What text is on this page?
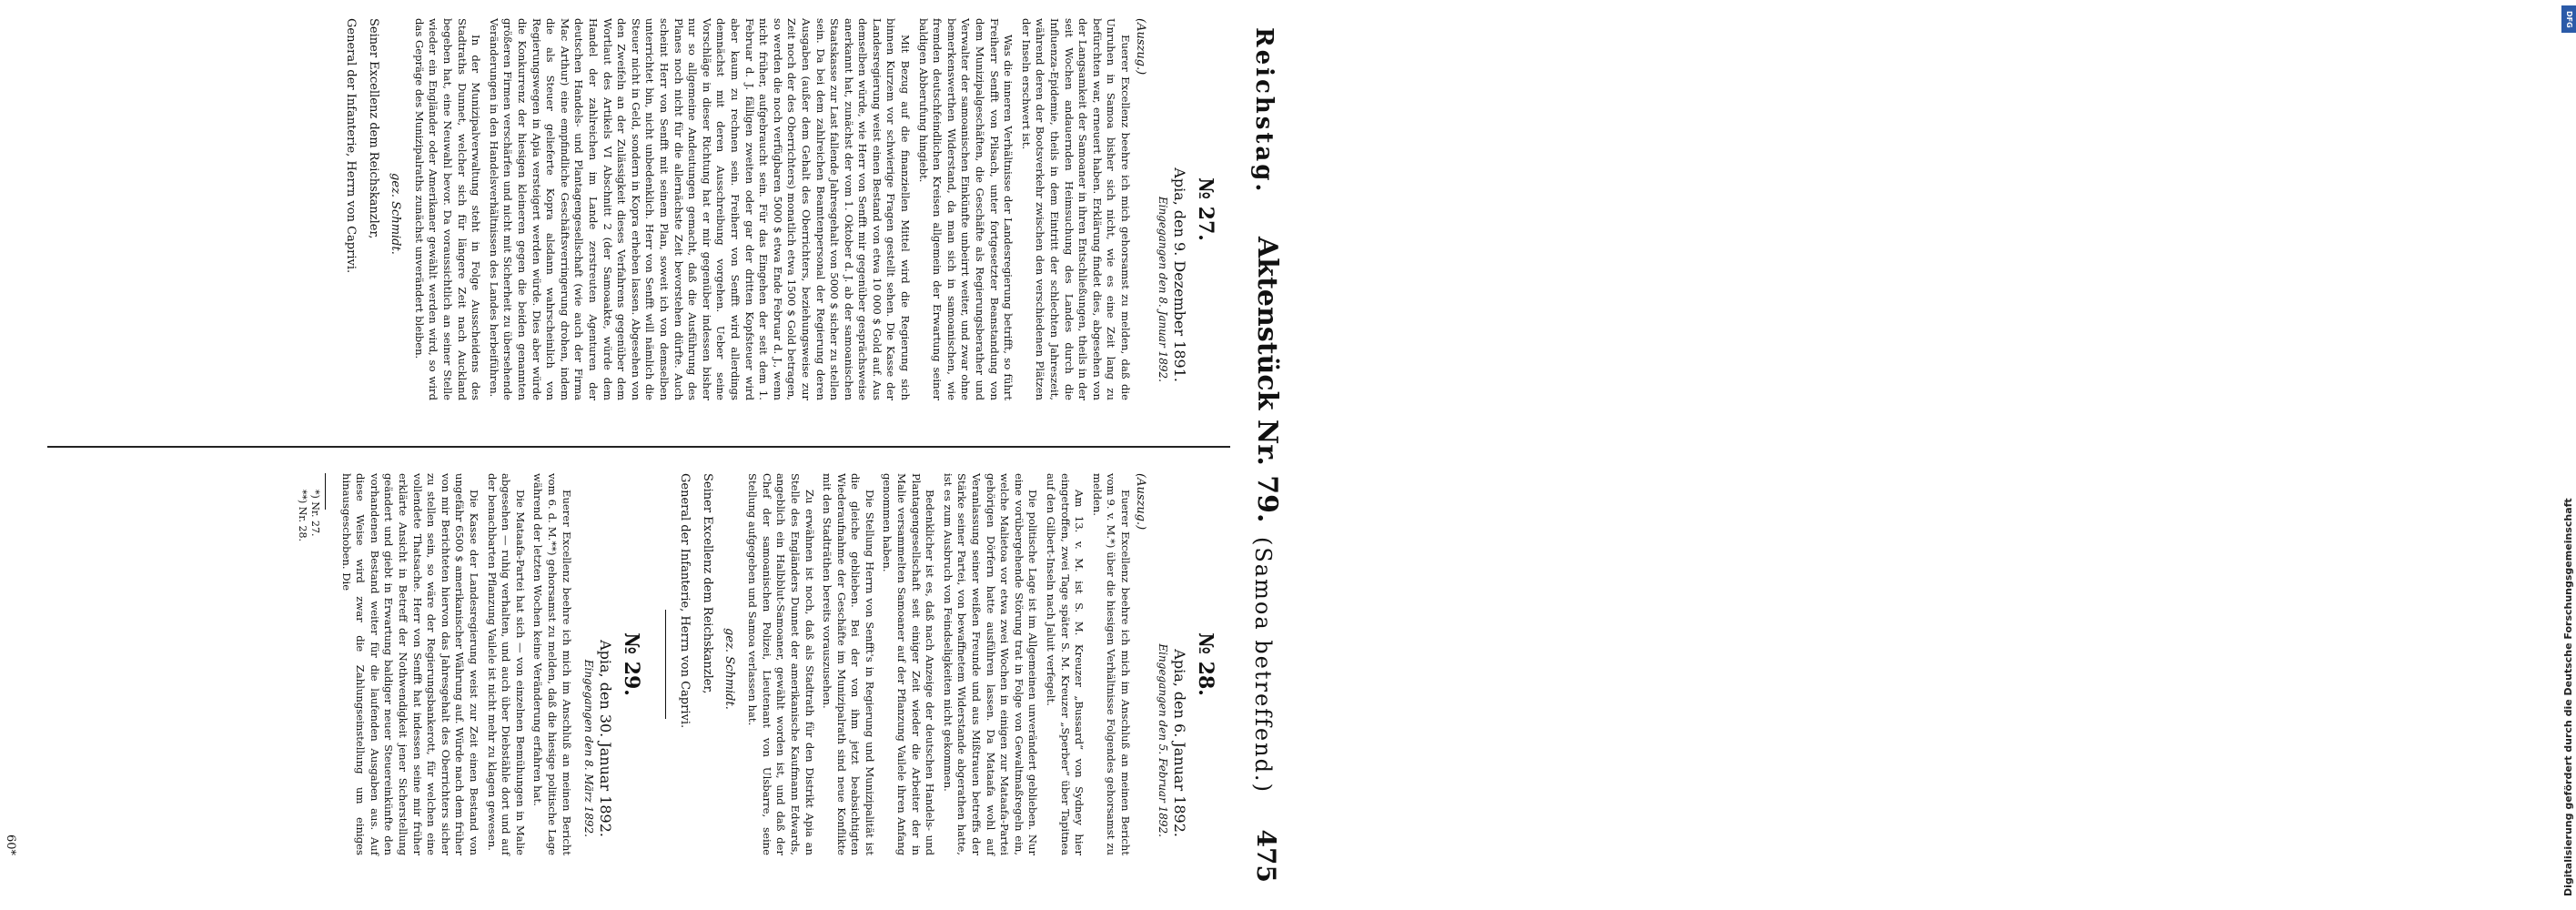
Reichstag.
Aktenstück Nr. 79.
(Samoa betreffend.)
475
№ 27.
Apia, den 9. Dezember 1891.
Eingegangen den 8. Januar 1892.
(Auszug.)

Euerer Excellenz beehre ich mich gehorsamst zu melden, daß die Unruhen in Samoa bisher sich nicht, wie es eine Zeit lang zu befürchten war, erneuert haben. Erklärung findet dies, abgesehen von der Langsamkeit der Samoaner in ihren Entschließungen, theils in der seit Wochen andauernden Heimsuchung des Landes durch die Influenza-Epidemie, theils in dem Eintritt der schlechten Jahreszeit, während deren der Bootsverkehr zwischen den verschiedenen Plätzen der Inseln erschwert ist.

Was die inneren Verhältnisse der Landesregierung betrifft, so führt Freiherr Senfft von Pilsach, unter fortgesetzter Beanstandung von dem Munizipalgeschäften, die Geschäfte als Regierungsberather und Verwalter der samoanischen Einkünfte unbeirrt weiter, und zwar ohne bemerkenswerthen Widerstand, da man sich in samoanischen, wie fremden deutschfeindlichen Kreisen allgemein der Erwartung seiner baldigen Abberufung hingiebt.

Mit Bezug auf die finanziellen Mittel wird die Regierung sich binnen Kurzem vor schwierige Fragen gestellt sehen. Die Kasse der Landesregierung weist einen Bestand von etwa 10 000 $ Gold auf. Aus demselben würde, wie Herr von Senfft mir gegenüber gesprächsweise anerkannt hat, zunächst der vom 1. Oktober d. J. ab der samoanischen Staatskasse zur Last fallende Jahresgehalt von 5000 $ sicher zu stellen sein. Da bei dem zahlreichen Beamtenpersonal der Regierung deren Ausgaben (außer dem Gehalt des Oberrichters, beziehungsweise zur Zeit noch der des Oberrichters) monatlich etwa 1500 $ Gold betragen, so werden die noch verfügbaren 5000 $ etwa Ende Februar d. J., wenn nicht früher, aufgebraucht sein. Für das Eingehen der seit dem 1. Februar d. J. fälligen zweiten oder gar der dritten Kopfsteuer wird aber kaum zu rechnen sein. Freiherr von Senfft wird allerdings demnächst mit deren Ausschreibung vorgehen. Ueber seine Vorschläge in dieser Richtung hat er mir gegenüber indessen bisher nur so allgemeine Andeutungen gemacht, daß die Ausführung des Planes noch nicht für die allernächste Zeit bevorstehen dürfte. Auch scheint Herr von Senfft mit seinem Plan, soweit ich von demselben unterrichtet bin, nicht unbedenklich. Herr von Senfft will nämlich die Steuer nicht in Geld, sondern in Kopra erheben lassen. Abgesehen von den Zweifeln an der Zulässigkeit dieses Verfahrens gegenüber dem Wortlaut des Artikels VI Abschnitt 2 (der Samoaakte, würde dem Handel der zahlreichen im Lande zerstreuten Agenturen der deutschen Handels- und Plantagengesellschaft (wie auch der Firma Mac Arthur) eine empfindliche Geschäftsverringerung drohen, indem die als Steuer gelieferte Kopra alsdann wahrscheinlich von Regierungswegen in Apia versteigert werden würde. Dies aber würde die Konkurrenz der hiesigen kleineren gegen die beiden genannten größeren Firmen verschärfen und nicht mit Sicherheit zu übersehende Veränderungen in den Handelsverhältnissen des Landes herbeiführen.

In der Munizipalverwaltung steht in Folge Ausscheidens des Stadtraths Dunnet, welcher sich für längere Zeit nach Auckland begeben hat, eine Neuwahl bevor. Da voraussichtlich an seiner Stelle wieder ein Engländer oder Amerikaner gewählt werden wird, so wird das Gepräge des Munizipalraths zunächst unverändert bleiben.

gez. Schmidt.
Seiner Excellenz dem Reichskanzler,
General der Infanterie, Herrn von Caprivi.
№ 28.
Apia, den 6. Januar 1892.
Eingegangen den 5. Februar 1892.
(Auszug.)

Euerer Excellenz beehre ich mich im Anschluß an meinen Bericht vom 9. v. M.*) über die hiesigen Verhältnisse Folgendes gehorsamst zu melden.

Am 13. v. M. ist S. M. Kreuzer „Bussard“ von Sydney hier eingetroffen, zwei Tage später S. M. Kreuzer „Sperber“ über Tapitnea auf den Gilbert-Inseln nach Jaluit verfegelt.

Die politische Lage ist im Allgemeinen unverändert geblieben. Nur eine vorübergehende Störung trat in Folge von Gewaltmaßregeln ein, welche Malietoa vor etwa zwei Wochen in einigen zur Mataafa-Partei gehörigen Dörfern hatte ausführen lassen. Da Mataafa wohl auf Veranlassung seiner weißen Freunde und aus Mißtrauen betreffs der Stärke seiner Partei, von bewaffnetem Widerstande abgerathen hatte, ist es zum Ausbruch von Feindseligkeiten nicht gekommen.

Bedenklicher ist es, daß nach Anzeige der deutschen Handels- und Plantagengesellschaft seit einiger Zeit wieder die Arbeiter der in Malie versammelten Samoaner auf der Pflanzung Vailele ihren Anfang genommen haben.

Die Stellung Herrn von Senfft's in Regierung und Munizipalität ist die gleiche geblieben. Bei der von ihm jetzt beabsichtigten Wiederaufnahme der Geschäfte im Munizipalrath sind neue Konflikte mit den Stadträthen bereits vorauszusehen.

Zu erwähnen ist noch, daß als Stadtrath für den Distrikt Apia an Stelle des Engländers Dunnet der amerikanische Kaufmann Edwards, angeblich ein Halbblut-Samoaner, gewählt worden ist, und daß der Chef der samoanischen Polizei, Lieutenant von Ulsbarre, seine Stellung aufgegeben und Samoa verlassen hat.

gez. Schmidt.
Seiner Excellenz dem Reichskanzler,
General der Infanterie, Herrn von Caprivi.
№ 29.
Apia, den 30. Januar 1892.
Eingegangen den 8. März 1892.

Euerer Excellenz beehre ich mich im Anschluß an meinen Bericht vom 6. d. M.**) gehorsamst zu melden, daß die hiesige politische Lage während der letzten Wochen keine Veränderung erfahren hat.

Die Mataafa-Partei hat sich — von einzelnen Bemühungen in Malie abgesehen — ruhig verhalten, und auch über Diebstähle dort und auf der benachbarten Pflanzung Vailele ist nicht mehr zu klagen gewesen.

Die Kasse der Landesregierung weist zur Zeit einen Bestand von ungefähr 6500 $ amerikanischer Währung auf. Würde nach dem früher von mir Berichteten hiervon das Jahresgehalt des Oberrichters sicher zu stellen sein, so wäre der Regierungsbankerott, für welchen eine vollendete Thatsache. Herr von Senfft hat indessen seine mir früher erklärte Ansicht in Betreff der Nothwendigkeit jener Sicherstellung geändert und giebt in Erwartung baldiger neuer Steuereinkünfte den vorhandenen Bestand weiter für die laufenden Ausgaben aus. Auf diese Weise wird zwar die Zahlungseinstellung um einiges hinausgeschoben. Die

*) Nr. 27.
**) Nr. 28.
60*
DFG
Digitalisierung gefördert durch die Deutsche Forschungsgemeinschaft
